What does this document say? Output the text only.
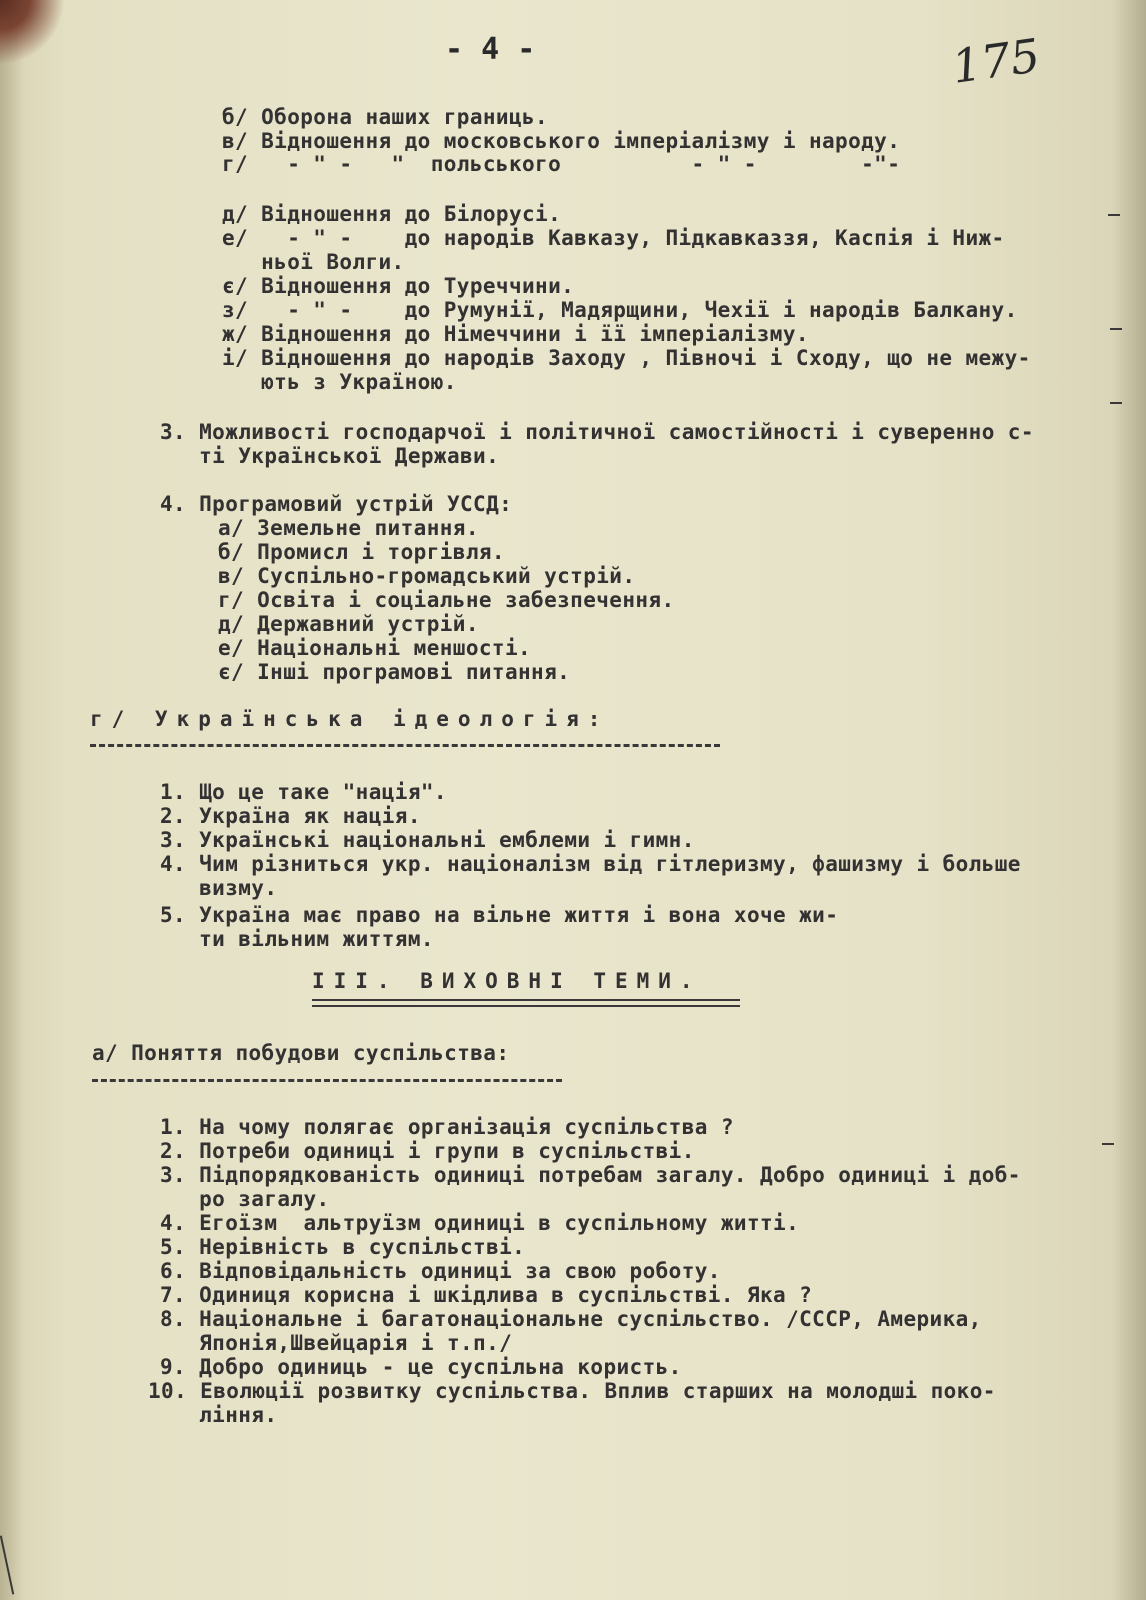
- 4 -	175
б/ Оборона наших границь.
в/ Відношення до московського імперіалізму і народу.
г/   - " -   "  польського          - " -        -"-
д/ Відношення до Білорусі.
е/   - " -    до народів Кавказу, Підкавказзя, Каспія і Ниж-
ньої Волги.
є/ Відношення до Туреччини.
з/   - " -    до Румунії, Мадярщини, Чехії і народів Балкану.
ж/ Відношення до Німеччини і її імперіалізму.
і/ Відношення до народів Заходу , Півночі і Сходу, що не межу-
ють з Україною.
3. Можливості господарчої і політичної самостійності і суверенно с-
ті Української Держави.
4. Програмовий устрій УССД:
а/ Земельне питання.
б/ Промисл і торгівля.
в/ Суспільно-громадський устрій.
г/ Освіта і соціальне забезпечення.
д/ Державний устрій.
е/ Національні меншості.
є/ Інші програмові питання.
г/ Українська ідеологія:
1. Що це таке "нація".
2. Україна як нація.
3. Українські національні емблеми і гимн.
4. Чим різниться укр. націоналізм від гітлеризму, фашизму і больше
визму.
5. Україна має право на вільне життя і вона хоче жи-
ти вільним життям.
III. ВИХОВНІ ТЕМИ.
а/ Поняття побудови суспільства:
1. На чому полягає організація суспільства ?
2. Потреби одиниці і групи в суспільстві.
3. Підпорядкованість одиниці потребам загалу. Добро одиниці і доб-
ро загалу.
4. Егоїзм  альтруїзм одиниці в суспільному житті.
5. Нерівність в суспільстві.
6. Відповідальність одиниці за свою роботу.
7. Одиниця корисна і шкідлива в суспільстві. Яка ?
8. Національне і багатонаціональне суспільство. /СССР, Америка,
Японія,Швейцарія і т.п./
9. Добро одиниць - це суспільна користь.
10. Еволюції розвитку суспільства. Вплив старших на молодші поко-
ління.
